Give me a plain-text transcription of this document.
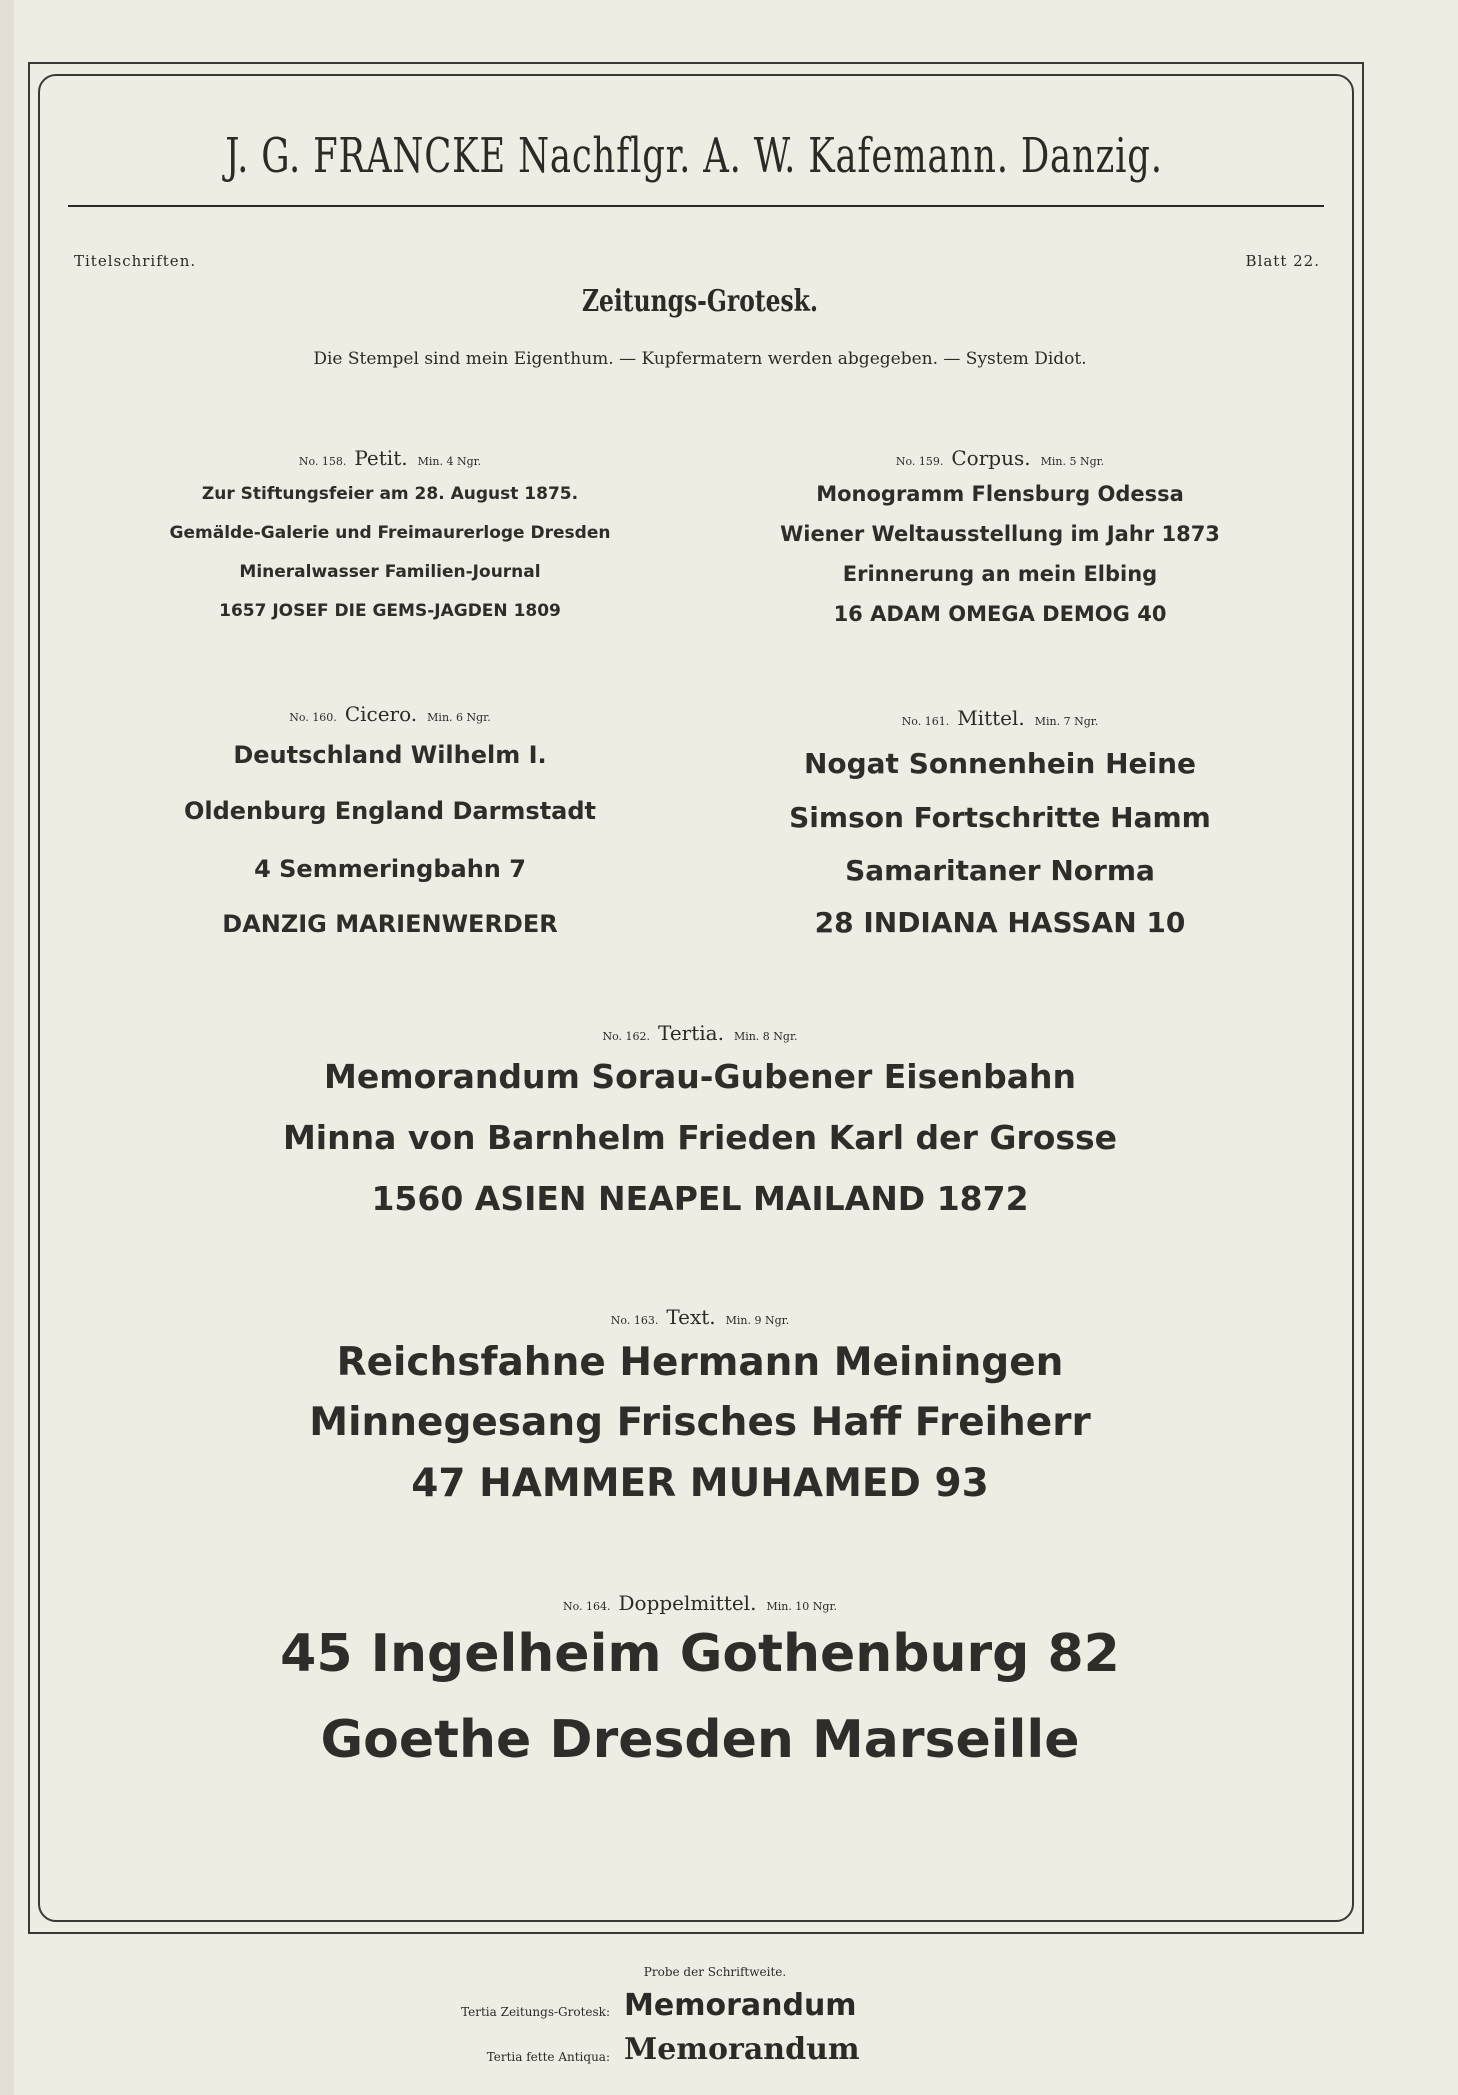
J. G. FRANCKE Nachflgr. A. W. Kafemann. Danzig.
Titelschriften.	Blatt 22.
Zeitungs-Grotesk.
Die Stempel sind mein Eigenthum. — Kupfermatern werden abgegeben. — System Didot.
No. 158. Petit. Min. 4 Ngr.
Zur Stiftungsfeier am 28. August 1875.
Gemälde-Galerie und Freimaurerloge Dresden
Mineralwasser Familien-Journal
1657 JOSEF DIE GEMS-JAGDEN 1809
No. 159. Corpus. Min. 5 Ngr.
Monogramm Flensburg Odessa
Wiener Weltausstellung im Jahr 1873
Erinnerung an mein Elbing
16 ADAM OMEGA DEMOG 40
No. 160. Cicero. Min. 6 Ngr.
Deutschland Wilhelm I.
Oldenburg England Darmstadt
4 Semmeringbahn 7
DANZIG MARIENWERDER
No. 161. Mittel. Min. 7 Ngr.
Nogat Sonnenhein Heine
Simson Fortschritte Hamm
Samaritaner Norma
28 INDIANA HASSAN 10
No. 162. Tertia. Min. 8 Ngr.
Memorandum Sorau-Gubener Eisenbahn
Minna von Barnhelm Frieden Karl der Grosse
1560 ASIEN NEAPEL MAILAND 1872
No. 163. Text. Min. 9 Ngr.
Reichsfahne Hermann Meiningen
Minnegesang Frisches Haff Freiherr
47 HAMMER MUHAMED 93
No. 164. Doppelmittel. Min. 10 Ngr.
45 Ingelheim Gothenburg 82
Goethe Dresden Marseille
Probe der Schriftweite.
Tertia Zeitungs-Grotesk: Memorandum
Tertia fette Antiqua: Memorandum
